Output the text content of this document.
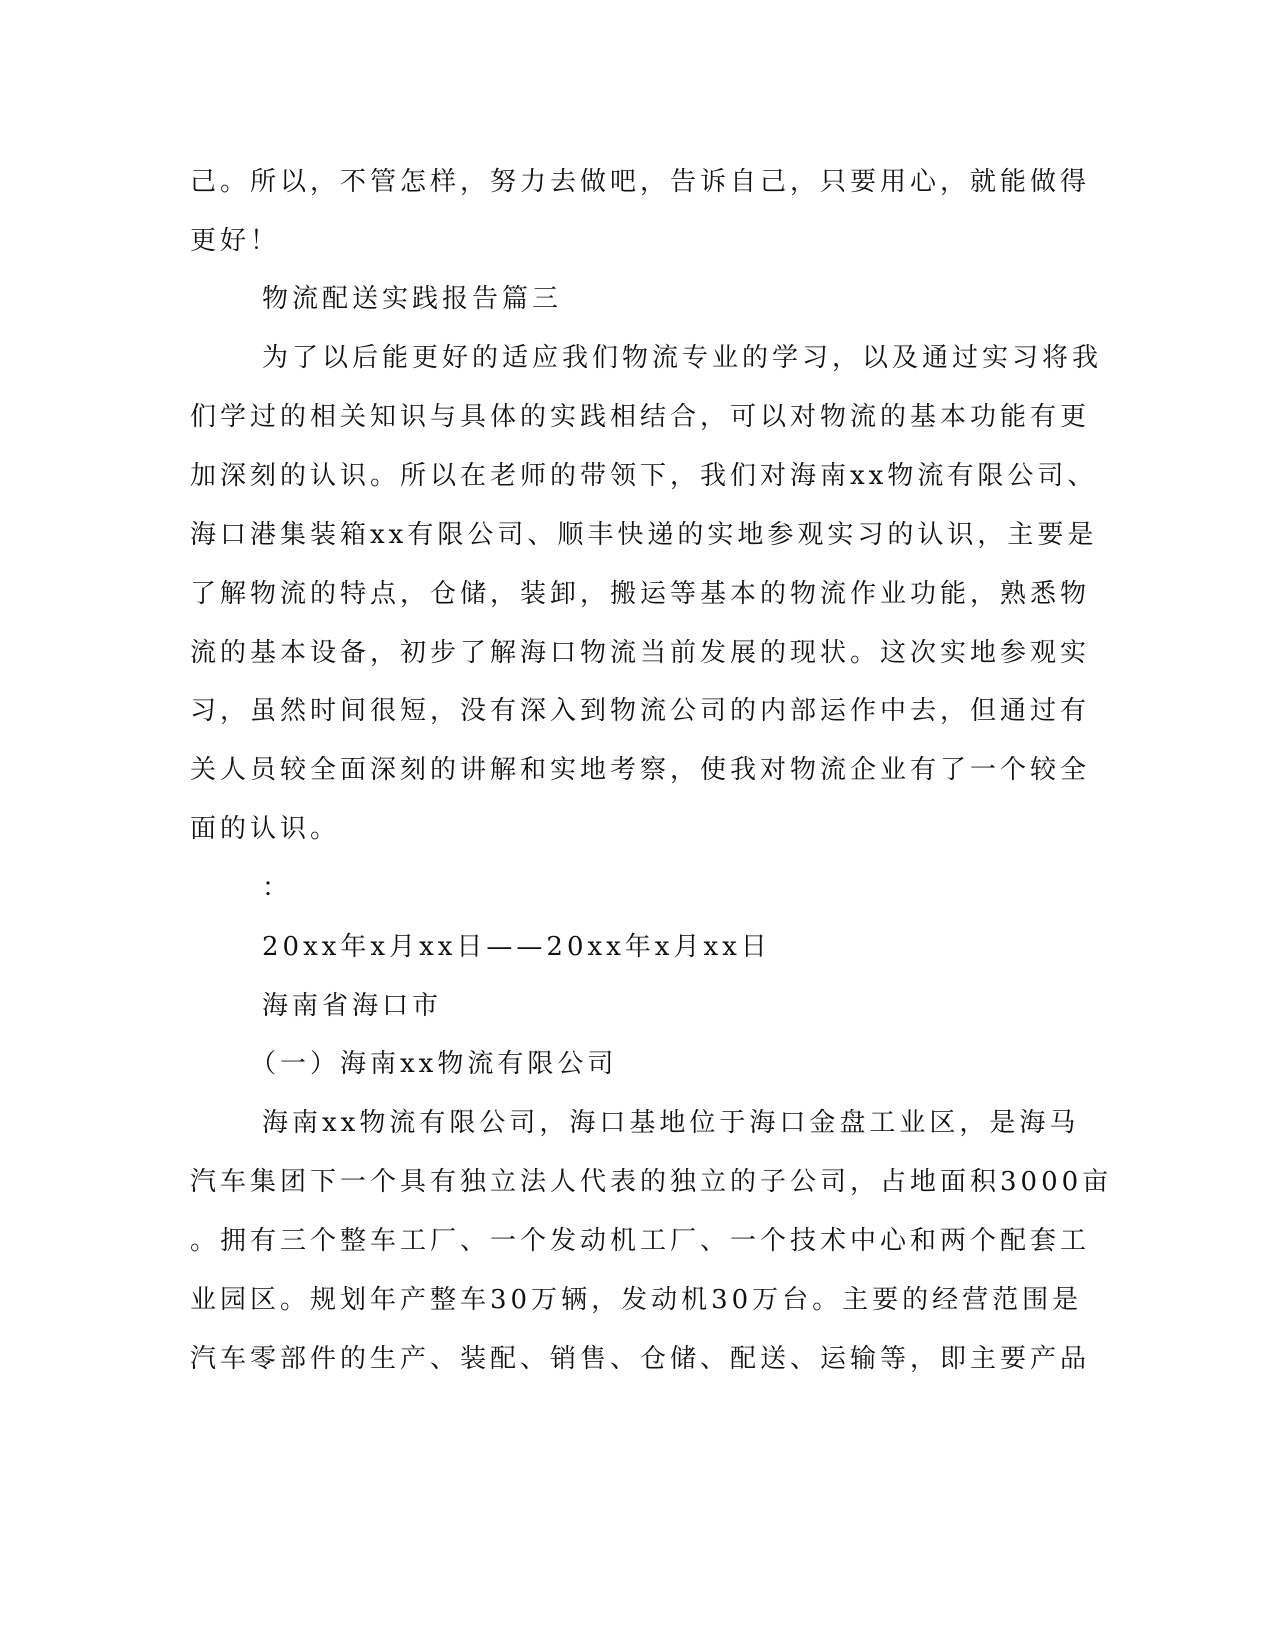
己。所以，不管怎样，努力去做吧，告诉自己，只要用心，就能做得
更好！
物流配送实践报告篇三
为了以后能更好的适应我们物流专业的学习，以及通过实习将我
们学过的相关知识与具体的实践相结合，可以对物流的基本功能有更
加深刻的认识。所以在老师的带领下，我们对海南xx物流有限公司、
海口港集装箱xx有限公司、顺丰快递的实地参观实习的认识，主要是
了解物流的特点，仓储，装卸，搬运等基本的物流作业功能，熟悉物
流的基本设备，初步了解海口物流当前发展的现状。这次实地参观实
习，虽然时间很短，没有深入到物流公司的内部运作中去，但通过有
关人员较全面深刻的讲解和实地考察，使我对物流企业有了一个较全
面的认识。
：
20xx年x月xx日——20xx年x月xx日
海南省海口市
（一）海南xx物流有限公司
海南xx物流有限公司，海口基地位于海口金盘工业区，是海马
汽车集团下一个具有独立法人代表的独立的子公司，占地面积3000亩
。拥有三个整车工厂、一个发动机工厂、一个技术中心和两个配套工
业园区。规划年产整车30万辆，发动机30万台。主要的经营范围是
汽车零部件的生产、装配、销售、仓储、配送、运输等，即主要产品
